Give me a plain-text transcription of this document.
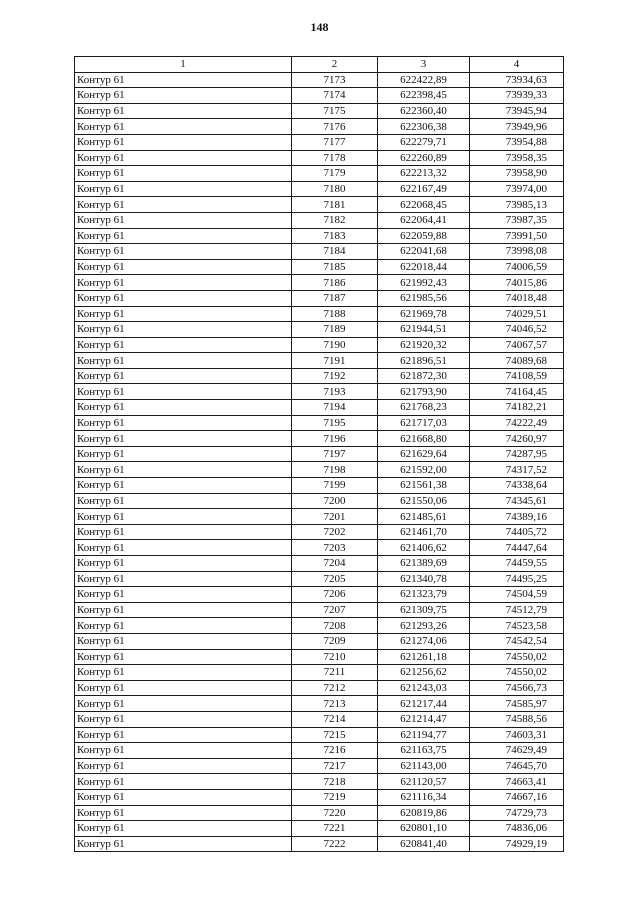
148
1	2	3	4
Контур 61	7173	622422,89	73934,63
Контур 61	7174	622398,45	73939,33
Контур 61	7175	622360,40	73945,94
Контур 61	7176	622306,38	73949,96
Контур 61	7177	622279,71	73954,88
Контур 61	7178	622260,89	73958,35
Контур 61	7179	622213,32	73958,90
Контур 61	7180	622167,49	73974,00
Контур 61	7181	622068,45	73985,13
Контур 61	7182	622064,41	73987,35
Контур 61	7183	622059,88	73991,50
Контур 61	7184	622041,68	73998,08
Контур 61	7185	622018,44	74006,59
Контур 61	7186	621992,43	74015,86
Контур 61	7187	621985,56	74018,48
Контур 61	7188	621969,78	74029,51
Контур 61	7189	621944,51	74046,52
Контур 61	7190	621920,32	74067,57
Контур 61	7191	621896,51	74089,68
Контур 61	7192	621872,30	74108,59
Контур 61	7193	621793,90	74164,45
Контур 61	7194	621768,23	74182,21
Контур 61	7195	621717,03	74222,49
Контур 61	7196	621668,80	74260,97
Контур 61	7197	621629,64	74287,95
Контур 61	7198	621592,00	74317,52
Контур 61	7199	621561,38	74338,64
Контур 61	7200	621550,06	74345,61
Контур 61	7201	621485,61	74389,16
Контур 61	7202	621461,70	74405,72
Контур 61	7203	621406,62	74447,64
Контур 61	7204	621389,69	74459,55
Контур 61	7205	621340,78	74495,25
Контур 61	7206	621323,79	74504,59
Контур 61	7207	621309,75	74512,79
Контур 61	7208	621293,26	74523,58
Контур 61	7209	621274,06	74542,54
Контур 61	7210	621261,18	74550,02
Контур 61	7211	621256,62	74550,02
Контур 61	7212	621243,03	74566,73
Контур 61	7213	621217,44	74585,97
Контур 61	7214	621214,47	74588,56
Контур 61	7215	621194,77	74603,31
Контур 61	7216	621163,75	74629,49
Контур 61	7217	621143,00	74645,70
Контур 61	7218	621120,57	74663,41
Контур 61	7219	621116,34	74667,16
Контур 61	7220	620819,86	74729,73
Контур 61	7221	620801,10	74836,06
Контур 61	7222	620841,40	74929,19
